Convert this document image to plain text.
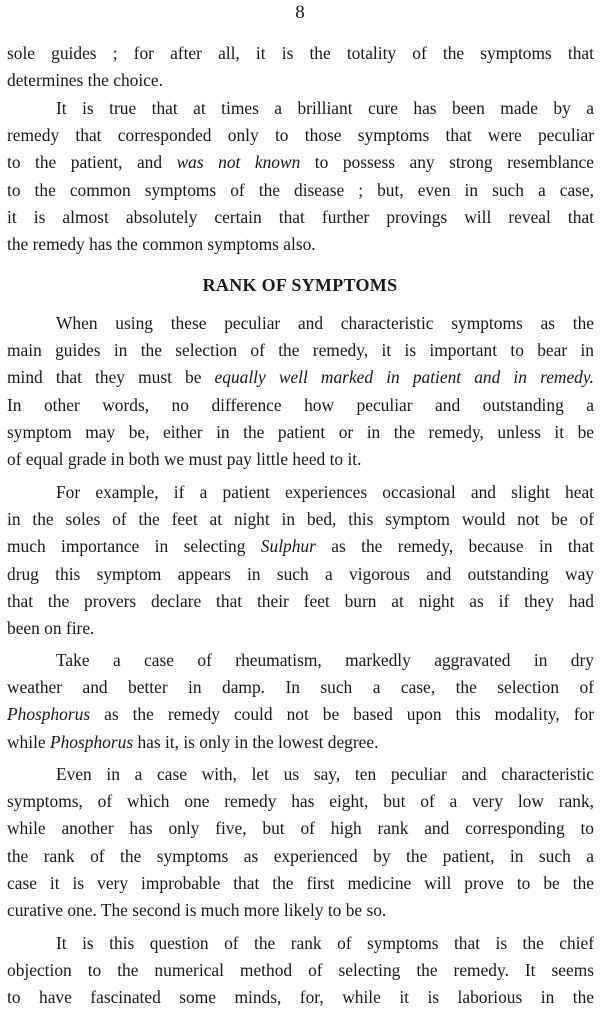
8
sole guides ; for after all, it is the totality of the symptoms that
determines the choice.
It is true that at times a brilliant cure has been made by a
remedy that corresponded only to those symptoms that were peculiar
to the patient, and was not known to possess any strong resemblance
to the common symptoms of the disease ; but, even in such a case,
it is almost absolutely certain that further provings will reveal that
the remedy has the common symptoms also.
RANK OF SYMPTOMS
When using these peculiar and characteristic symptoms as the
main guides in the selection of the remedy, it is important to bear in
mind that they must be equally well marked in patient and in remedy.
In other words, no difference how peculiar and outstanding a
symptom may be, either in the patient or in the remedy, unless it be
of equal grade in both we must pay little heed to it.
For example, if a patient experiences occasional and slight heat
in the soles of the feet at night in bed, this symptom would not be of
much importance in selecting Sulphur as the remedy, because in that
drug this symptom appears in such a vigorous and outstanding way
that the provers declare that their feet burn at night as if they had
been on fire.
Take a case of rheumatism, markedly aggravated in dry
weather and better in damp. In such a case, the selection of
Phosphorus as the remedy could not be based upon this modality, for
while Phosphorus has it, is only in the lowest degree.
Even in a case with, let us say, ten peculiar and characteristic
symptoms, of which one remedy has eight, but of a very low rank,
while another has only five, but of high rank and corresponding to
the rank of the symptoms as experienced by the patient, in such a
case it is very improbable that the first medicine will prove to be the
curative one. The second is much more likely to be so.
It is this question of the rank of symptoms that is the chief
objection to the numerical method of selecting the remedy. It seems
to have fascinated some minds, for, while it is laborious in the
